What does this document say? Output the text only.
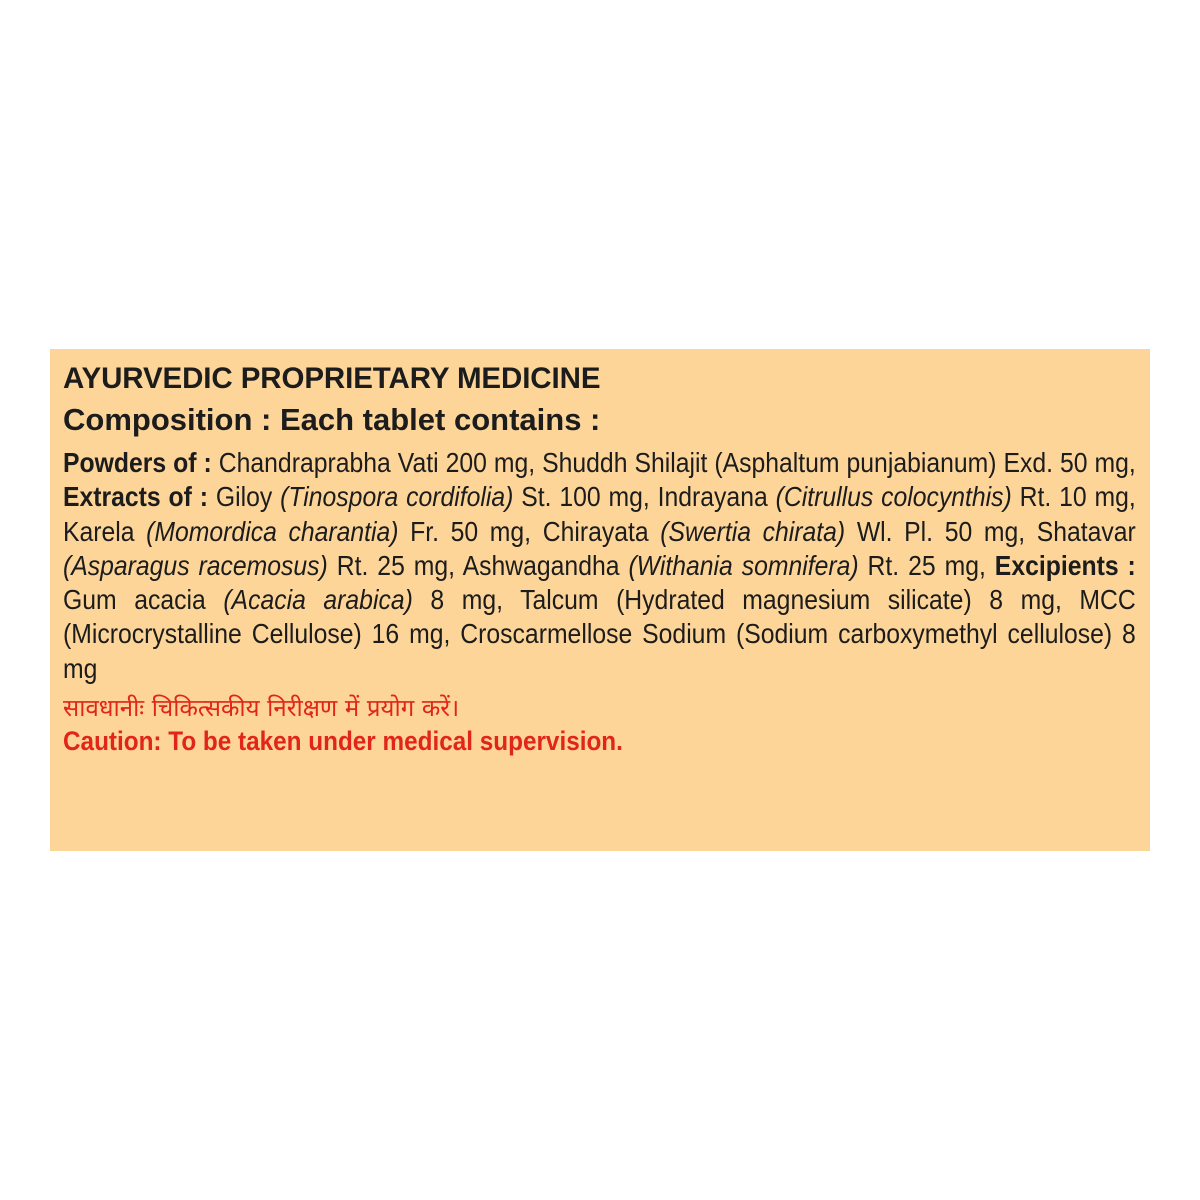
AYURVEDIC PROPRIETARY MEDICINE
Composition : Each tablet contains :

Powders of : Chandraprabha Vati 200 mg, Shuddh Shilajit (Asphaltum punjabianum) Exd. 50 mg, Extracts of : Giloy (Tinospora cordifolia) St. 100 mg, Indrayana (Citrullus colocynthis) Rt. 10 mg, Karela (Momordica charantia) Fr. 50 mg, Chirayata (Swertia chirata) Wl. Pl. 50 mg, Shatavar (Asparagus racemosus) Rt. 25 mg, Ashwagandha (Withania somnifera) Rt. 25 mg, Excipients : Gum acacia (Acacia arabica) 8 mg, Talcum (Hydrated magnesium silicate) 8 mg, MCC (Microcrystalline Cellulose) 16 mg, Croscarmellose Sodium (Sodium carboxymethyl cellulose) 8 mg

सावधानीः चिकित्सकीय निरीक्षण में प्रयोग करें।

Caution: To be taken under medical supervision.
